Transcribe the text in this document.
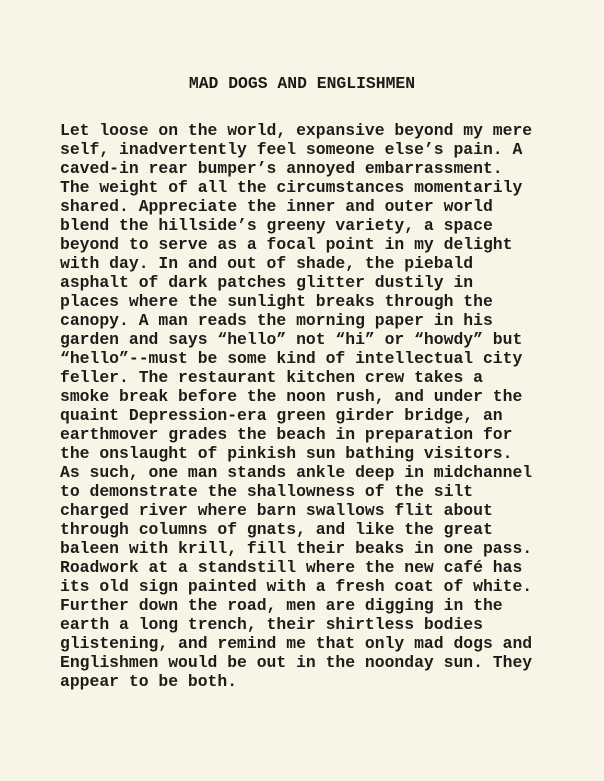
MAD DOGS AND ENGLISHMEN
Let loose on the world, expansive beyond my mere
self, inadvertently feel someone else’s pain. A
caved-in rear bumper’s annoyed embarrassment.
The weight of all the circumstances momentarily
shared. Appreciate the inner and outer world
blend the hillside’s greeny variety, a space
beyond to serve as a focal point in my delight
with day. In and out of shade, the piebald
asphalt of dark patches glitter dustily in
places where the sunlight breaks through the
canopy. A man reads the morning paper in his
garden and says “hello” not “hi” or “howdy” but
“hello”--must be some kind of intellectual city
feller. The restaurant kitchen crew takes a
smoke break before the noon rush, and under the
quaint Depression-era green girder bridge, an
earthmover grades the beach in preparation for
the onslaught of pinkish sun bathing visitors.
As such, one man stands ankle deep in midchannel
to demonstrate the shallowness of the silt
charged river where barn swallows flit about
through columns of gnats, and like the great
baleen with krill, fill their beaks in one pass.
Roadwork at a standstill where the new café has
its old sign painted with a fresh coat of white.
Further down the road, men are digging in the
earth a long trench, their shirtless bodies
glistening, and remind me that only mad dogs and
Englishmen would be out in the noonday sun. They
appear to be both.
